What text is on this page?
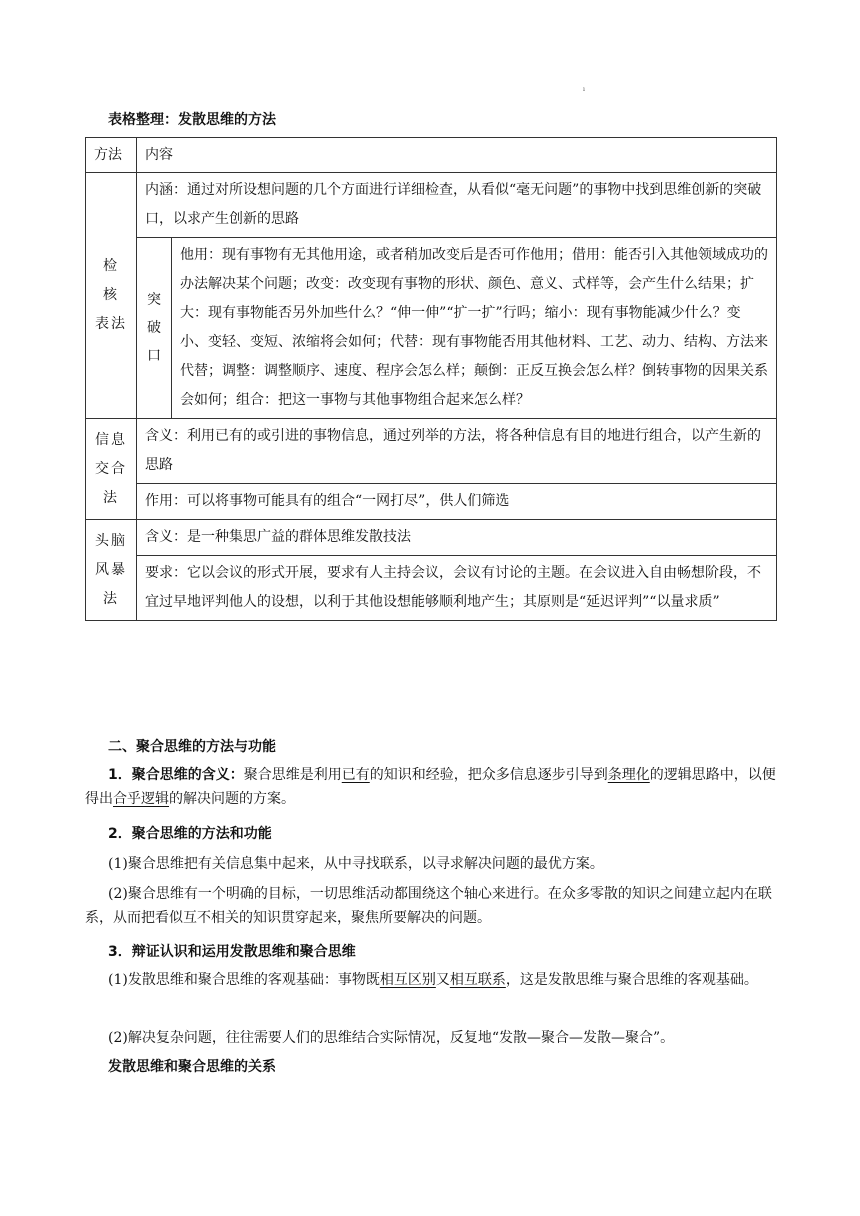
ı
表格整理：发散思维的方法
方法	内容	
检 核 表法	内涵：通过对所设想问题的几个方面进行详细检查，从看似“毫无问题”的事物中找到思维创新的突破口，以求产生创新的思路	

	突破口	他用：现有事物有无其他用途，或者稍加改变后是否可作他用；借用：能否引入其他领域成功的办法解决某个问题；改变：改变现有事物的形状、颜色、意义、式样等，会产生什么结果；扩大：现有事物能否另外加些什么？“伸一伸”“扩一扩”行吗；缩小：现有事物能减少什么？变小、变轻、变短、浓缩将会如何；代替：现有事物能否用其他材料、工艺、动力、结构、方法来代替；调整：调整顺序、速度、程序会怎么样；颠倒：正反互换会怎么样？倒转事物的因果关系会如何；组合：把这一事物与其他事物组合起来怎么样？
信息交合法	含义：利用已有的或引进的事物信息，通过列举的方法，将各种信息有目的地进行组合，以产生新的思路	
	作用：可以将事物可能具有的组合“一网打尽”，供人们筛选	
头脑风暴法	含义：是一种集思广益的群体思维发散技法	
	要求：它以会议的形式开展，要求有人主持会议，会议有讨论的主题。在会议进入自由畅想阶段，不宜过早地评判他人的设想，以利于其他设想能够顺利地产生；其原则是“延迟评判”“以量求质”	
二、聚合思维的方法与功能
1．聚合思维的含义：聚合思维是利用已有的知识和经验，把众多信息逐步引导到条理化的逻辑思路中，以便得出合乎逻辑的解决问题的方案。
2．聚合思维的方法和功能
(1)聚合思维把有关信息集中起来，从中寻找联系，以寻求解决问题的最优方案。
(2)聚合思维有一个明确的目标，一切思维活动都围绕这个轴心来进行。在众多零散的知识之间建立起内在联系，从而把看似互不相关的知识贯穿起来，聚焦所要解决的问题。
3．辩证认识和运用发散思维和聚合思维
(1)发散思维和聚合思维的客观基础：事物既相互区别又相互联系，这是发散思维与聚合思维的客观基础。
(2)解决复杂问题，往往需要人们的思维结合实际情况，反复地“发散—聚合—发散—聚合”。
发散思维和聚合思维的关系
